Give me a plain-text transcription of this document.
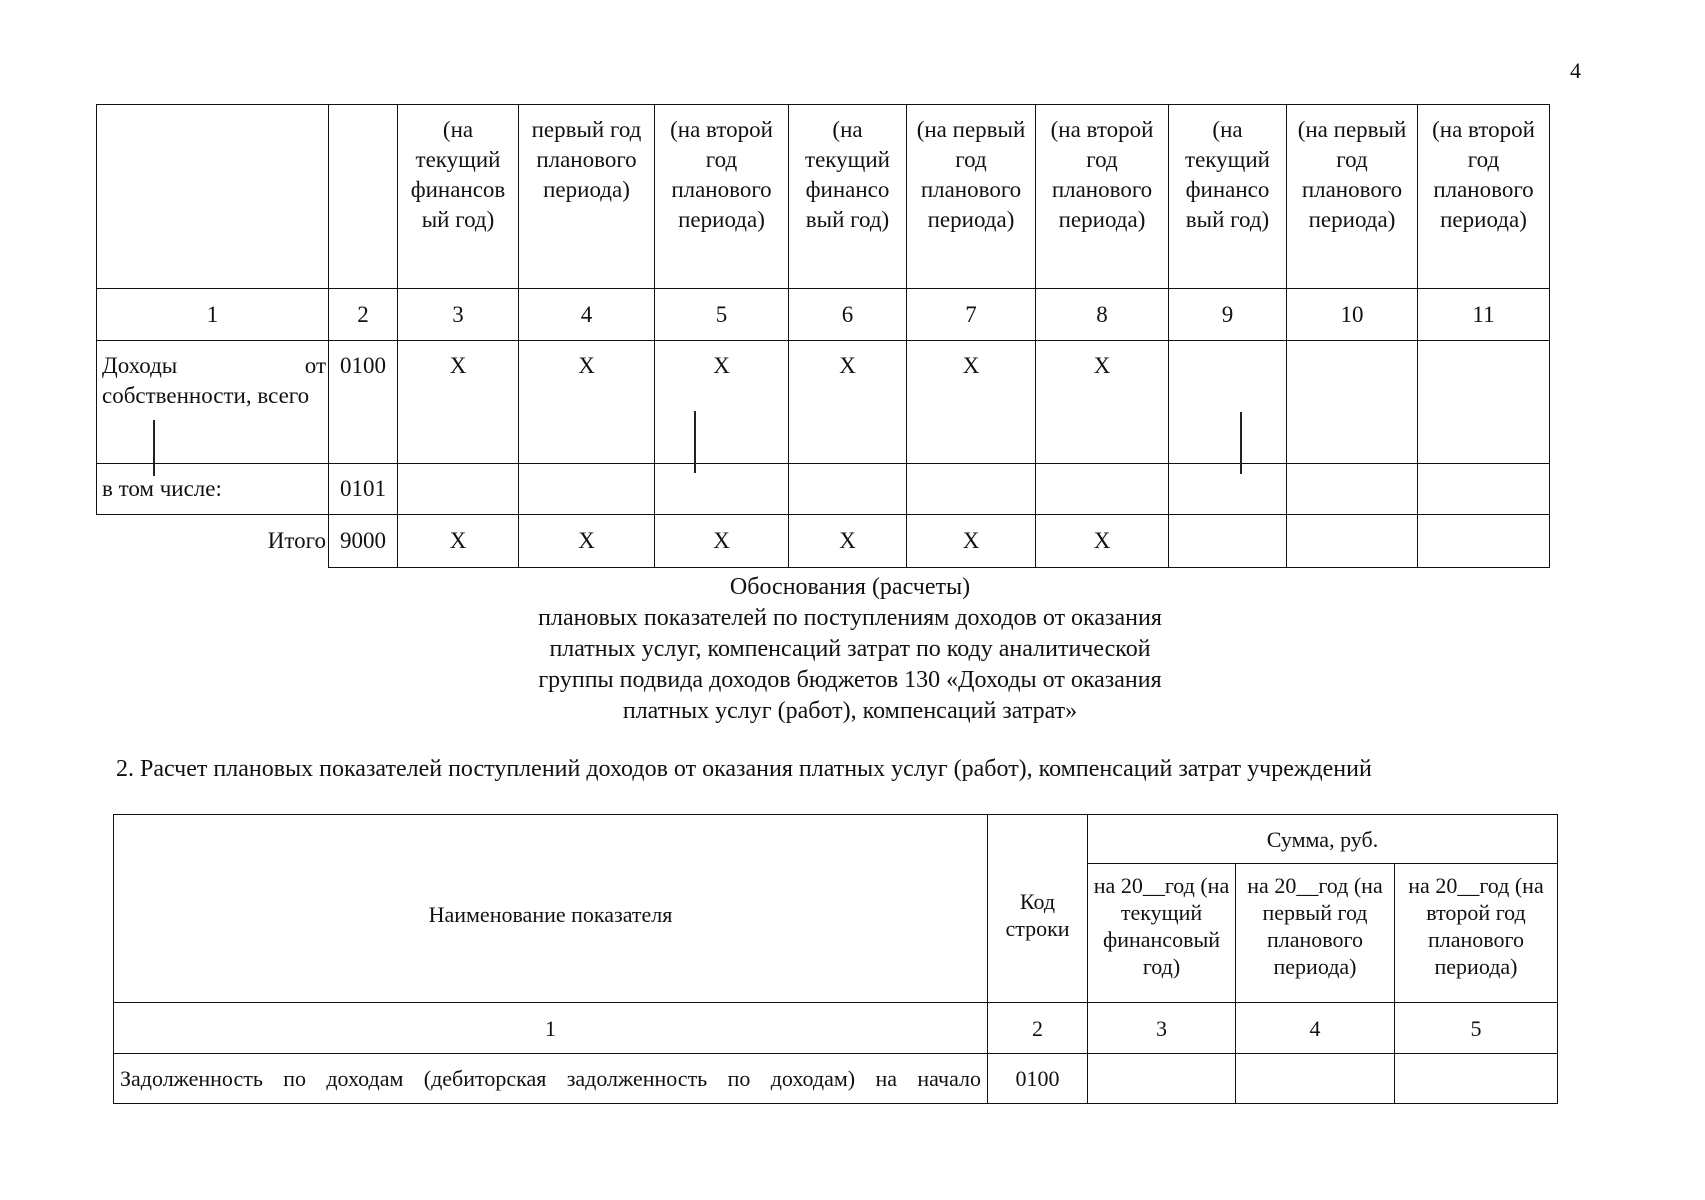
4
		(на текущий финансов ый год)	первый год планового периода)	(на второй год планового периода)	(на текущий финансо вый год)	(на первый год планового периода)	(на второй год планового периода)	(на текущий финансо вый год)	(на первый год планового периода)	(на второй год планового периода)
1	2	3	4	5	6	7	8	9	10	11

Доходы от
собственности, всего	0100	X	X	X	X	X	X			
в том числе:	0101									
Итого	9000	X	X	X	X	X	X			
Обоснования (расчеты)
плановых показателей по поступлениям доходов от оказания
платных услуг, компенсаций затрат по коду аналитической
группы подвида доходов бюджетов 130 «Доходы от оказания
платных услуг (работ), компенсаций затрат»
2. Расчет плановых показателей поступлений доходов от оказания платных услуг (работ), компенсаций затрат учреждений
Наименование показателя	Код строки	Сумма, руб.		
		на 20__год (на текущий финансовый год)	на 20__год (на первый год планового периода)	на 20__год (на второй год планового периода)
1	2	3	4	5
Задолженность по доходам (дебиторская задолженность по доходам) на начало	0100			
